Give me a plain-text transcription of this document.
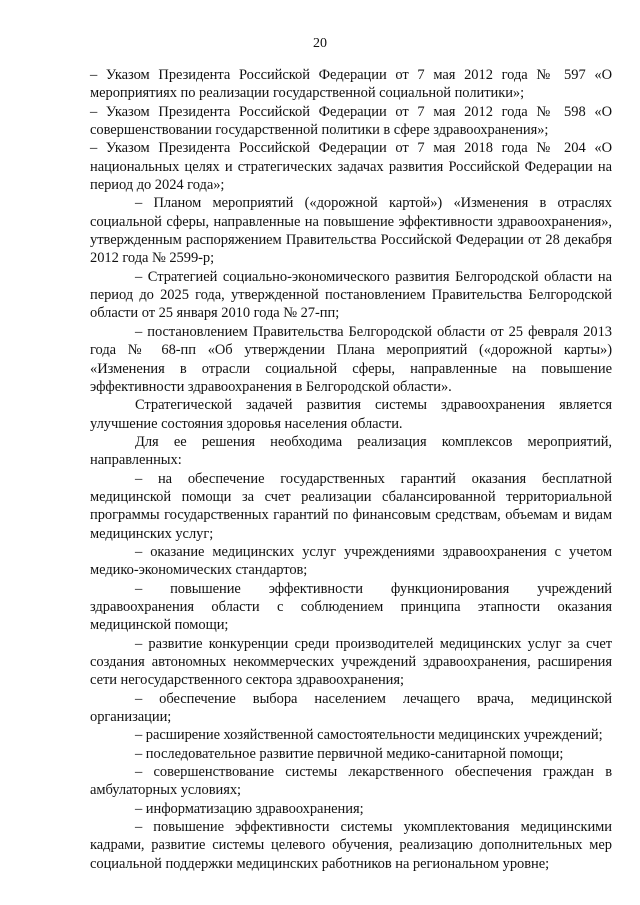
20

– Указом Президента Российской Федерации от 7 мая 2012 года № 597 «О мероприятиях по реализации государственной социальной политики»;

– Указом Президента Российской Федерации от 7 мая 2012 года № 598 «О совершенствовании государственной политики в сфере здравоохранения»;

– Указом Президента Российской Федерации от 7 мая 2018 года № 204 «О национальных целях и стратегических задачах развития Российской Федерации на период до 2024 года»;

– Планом мероприятий («дорожной картой») «Изменения в отраслях социальной сферы, направленные на повышение эффективности здравоохранения», утвержденным распоряжением Правительства Российской Федерации от 28 декабря 2012 года № 2599-р;

– Стратегией социально-экономического развития Белгородской области на период до 2025 года, утвержденной постановлением Правительства Белгородской области от 25 января 2010 года № 27-пп;

– постановлением Правительства Белгородской области от 25 февраля 2013 года № 68-пп «Об утверждении Плана мероприятий («дорожной карты») «Изменения в отрасли социальной сферы, направленные на повышение эффективности здравоохранения в Белгородской области».

Стратегической задачей развития системы здравоохранения является улучшение состояния здоровья населения области.

Для ее решения необходима реализация комплексов мероприятий, направленных:

– на обеспечение государственных гарантий оказания бесплатной медицинской помощи за счет реализации сбалансированной территориальной программы государственных гарантий по финансовым средствам, объемам и видам медицинских услуг;

– оказание медицинских услуг учреждениями здравоохранения с учетом медико-экономических стандартов;

– повышение эффективности функционирования учреждений здравоохранения области с соблюдением принципа этапности оказания медицинской помощи;

– развитие конкуренции среди производителей медицинских услуг за счет создания автономных некоммерческих учреждений здравоохранения, расширения сети негосударственного сектора здравоохранения;

– обеспечение выбора населением лечащего врача, медицинской организации;

– расширение хозяйственной самостоятельности медицинских учреждений;

– последовательное развитие первичной медико-санитарной помощи;

– совершенствование системы лекарственного обеспечения граждан в амбулаторных условиях;

– информатизацию здравоохранения;

– повышение эффективности системы укомплектования медицинскими кадрами, развитие системы целевого обучения, реализацию дополнительных мер социальной поддержки медицинских работников на региональном уровне;
